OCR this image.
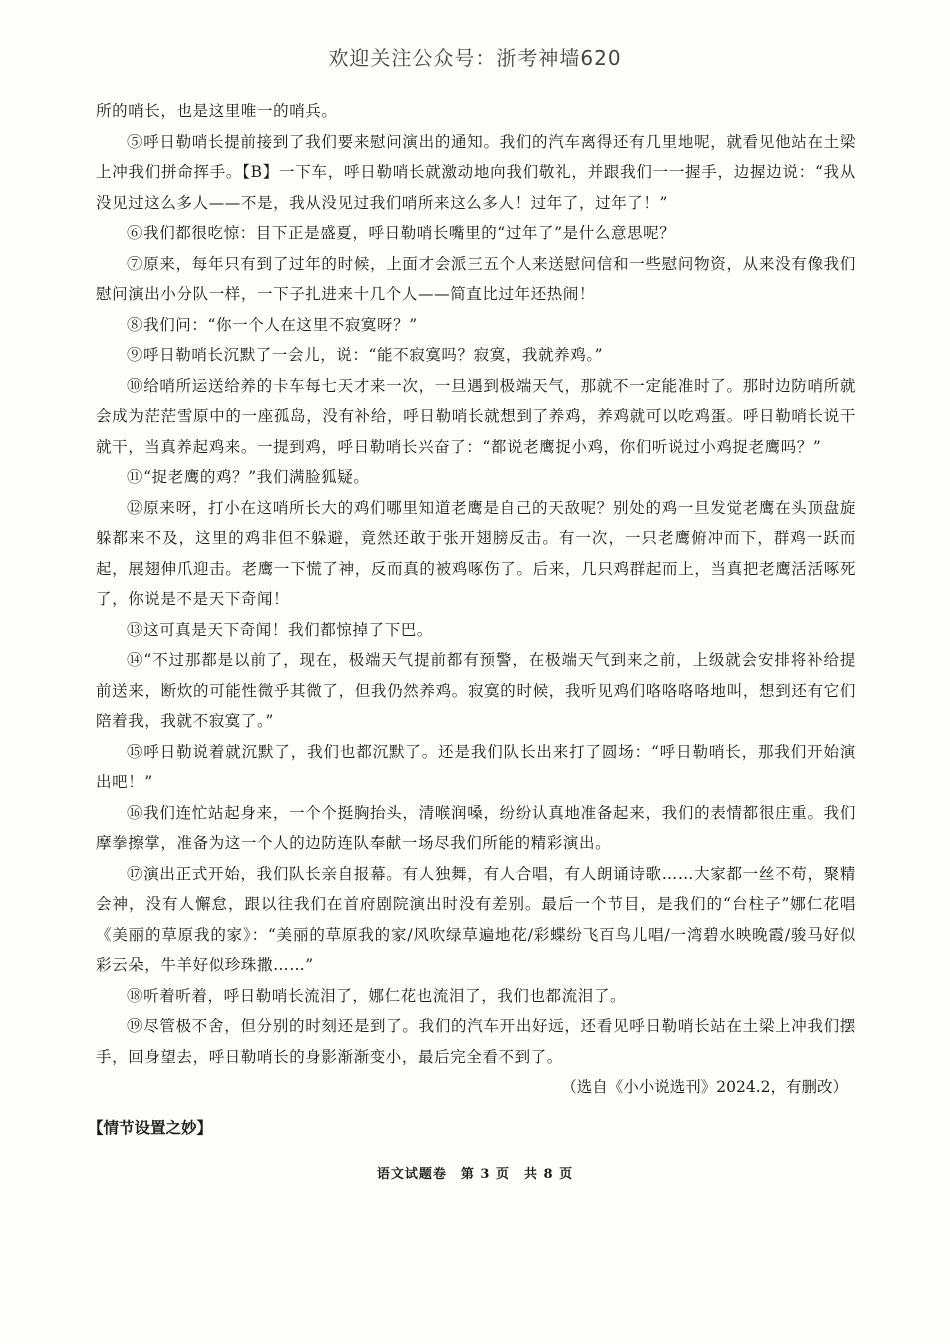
欢迎关注公众号：浙考神墙620

所的哨长，也是这里唯一的哨兵。

⑤呼日勒哨长提前接到了我们要来慰问演出的通知。我们的汽车离得还有几里地呢，就看见他站在土梁上冲我们拼命挥手。【B】一下车，呼日勒哨长就激动地向我们敬礼，并跟我们一一握手，边握边说：“我从没见过这么多人——不是，我从没见过我们哨所来这么多人！过年了，过年了！”

⑥我们都很吃惊：目下正是盛夏，呼日勒哨长嘴里的“过年了”是什么意思呢？

⑦原来，每年只有到了过年的时候，上面才会派三五个人来送慰问信和一些慰问物资，从来没有像我们慰问演出小分队一样，一下子扎进来十几个人——简直比过年还热闹！

⑧我们问：“你一个人在这里不寂寞呀？”

⑨呼日勒哨长沉默了一会儿，说：“能不寂寞吗？寂寞，我就养鸡。”

⑩给哨所运送给养的卡车每七天才来一次，一旦遇到极端天气，那就不一定能准时了。那时边防哨所就会成为茫茫雪原中的一座孤岛，没有补给，呼日勒哨长就想到了养鸡，养鸡就可以吃鸡蛋。呼日勒哨长说干就干，当真养起鸡来。一提到鸡，呼日勒哨长兴奋了：“都说老鹰捉小鸡，你们听说过小鸡捉老鹰吗？”

⑪“捉老鹰的鸡？”我们满脸狐疑。

⑫原来呀，打小在这哨所长大的鸡们哪里知道老鹰是自己的天敌呢？别处的鸡一旦发觉老鹰在头顶盘旋躲都来不及，这里的鸡非但不躲避，竟然还敢于张开翅膀反击。有一次，一只老鹰俯冲而下，群鸡一跃而起，展翅伸爪迎击。老鹰一下慌了神，反而真的被鸡啄伤了。后来，几只鸡群起而上，当真把老鹰活活啄死了，你说是不是天下奇闻！

⑬这可真是天下奇闻！我们都惊掉了下巴。

⑭“不过那都是以前了，现在，极端天气提前都有预警，在极端天气到来之前，上级就会安排将补给提前送来，断炊的可能性微乎其微了，但我仍然养鸡。寂寞的时候，我听见鸡们咯咯咯咯地叫，想到还有它们陪着我，我就不寂寞了。”

⑮呼日勒说着就沉默了，我们也都沉默了。还是我们队长出来打了圆场：“呼日勒哨长，那我们开始演出吧！”

⑯我们连忙站起身来，一个个挺胸抬头，清喉润嗓，纷纷认真地准备起来，我们的表情都很庄重。我们摩拳擦掌，准备为这一个人的边防连队奉献一场尽我们所能的精彩演出。

⑰演出正式开始，我们队长亲自报幕。有人独舞，有人合唱，有人朗诵诗歌……大家都一丝不苟，聚精会神，没有人懈怠，跟以往我们在首府剧院演出时没有差别。最后一个节目，是我们的“台柱子”娜仁花唱《美丽的草原我的家》：“美丽的草原我的家/风吹绿草遍地花/彩蝶纷飞百鸟儿唱/一湾碧水映晚霞/骏马好似彩云朵，牛羊好似珍珠撒……”

⑱听着听着，呼日勒哨长流泪了，娜仁花也流泪了，我们也都流泪了。

⑲尽管极不舍，但分别的时刻还是到了。我们的汽车开出好远，还看见呼日勒哨长站在土梁上冲我们摆手，回身望去，呼日勒哨长的身影渐渐变小，最后完全看不到了。

（选自《小小说选刊》2024.2，有删改）

【情节设置之妙】

语文试题卷　第 3 页　共 8 页
